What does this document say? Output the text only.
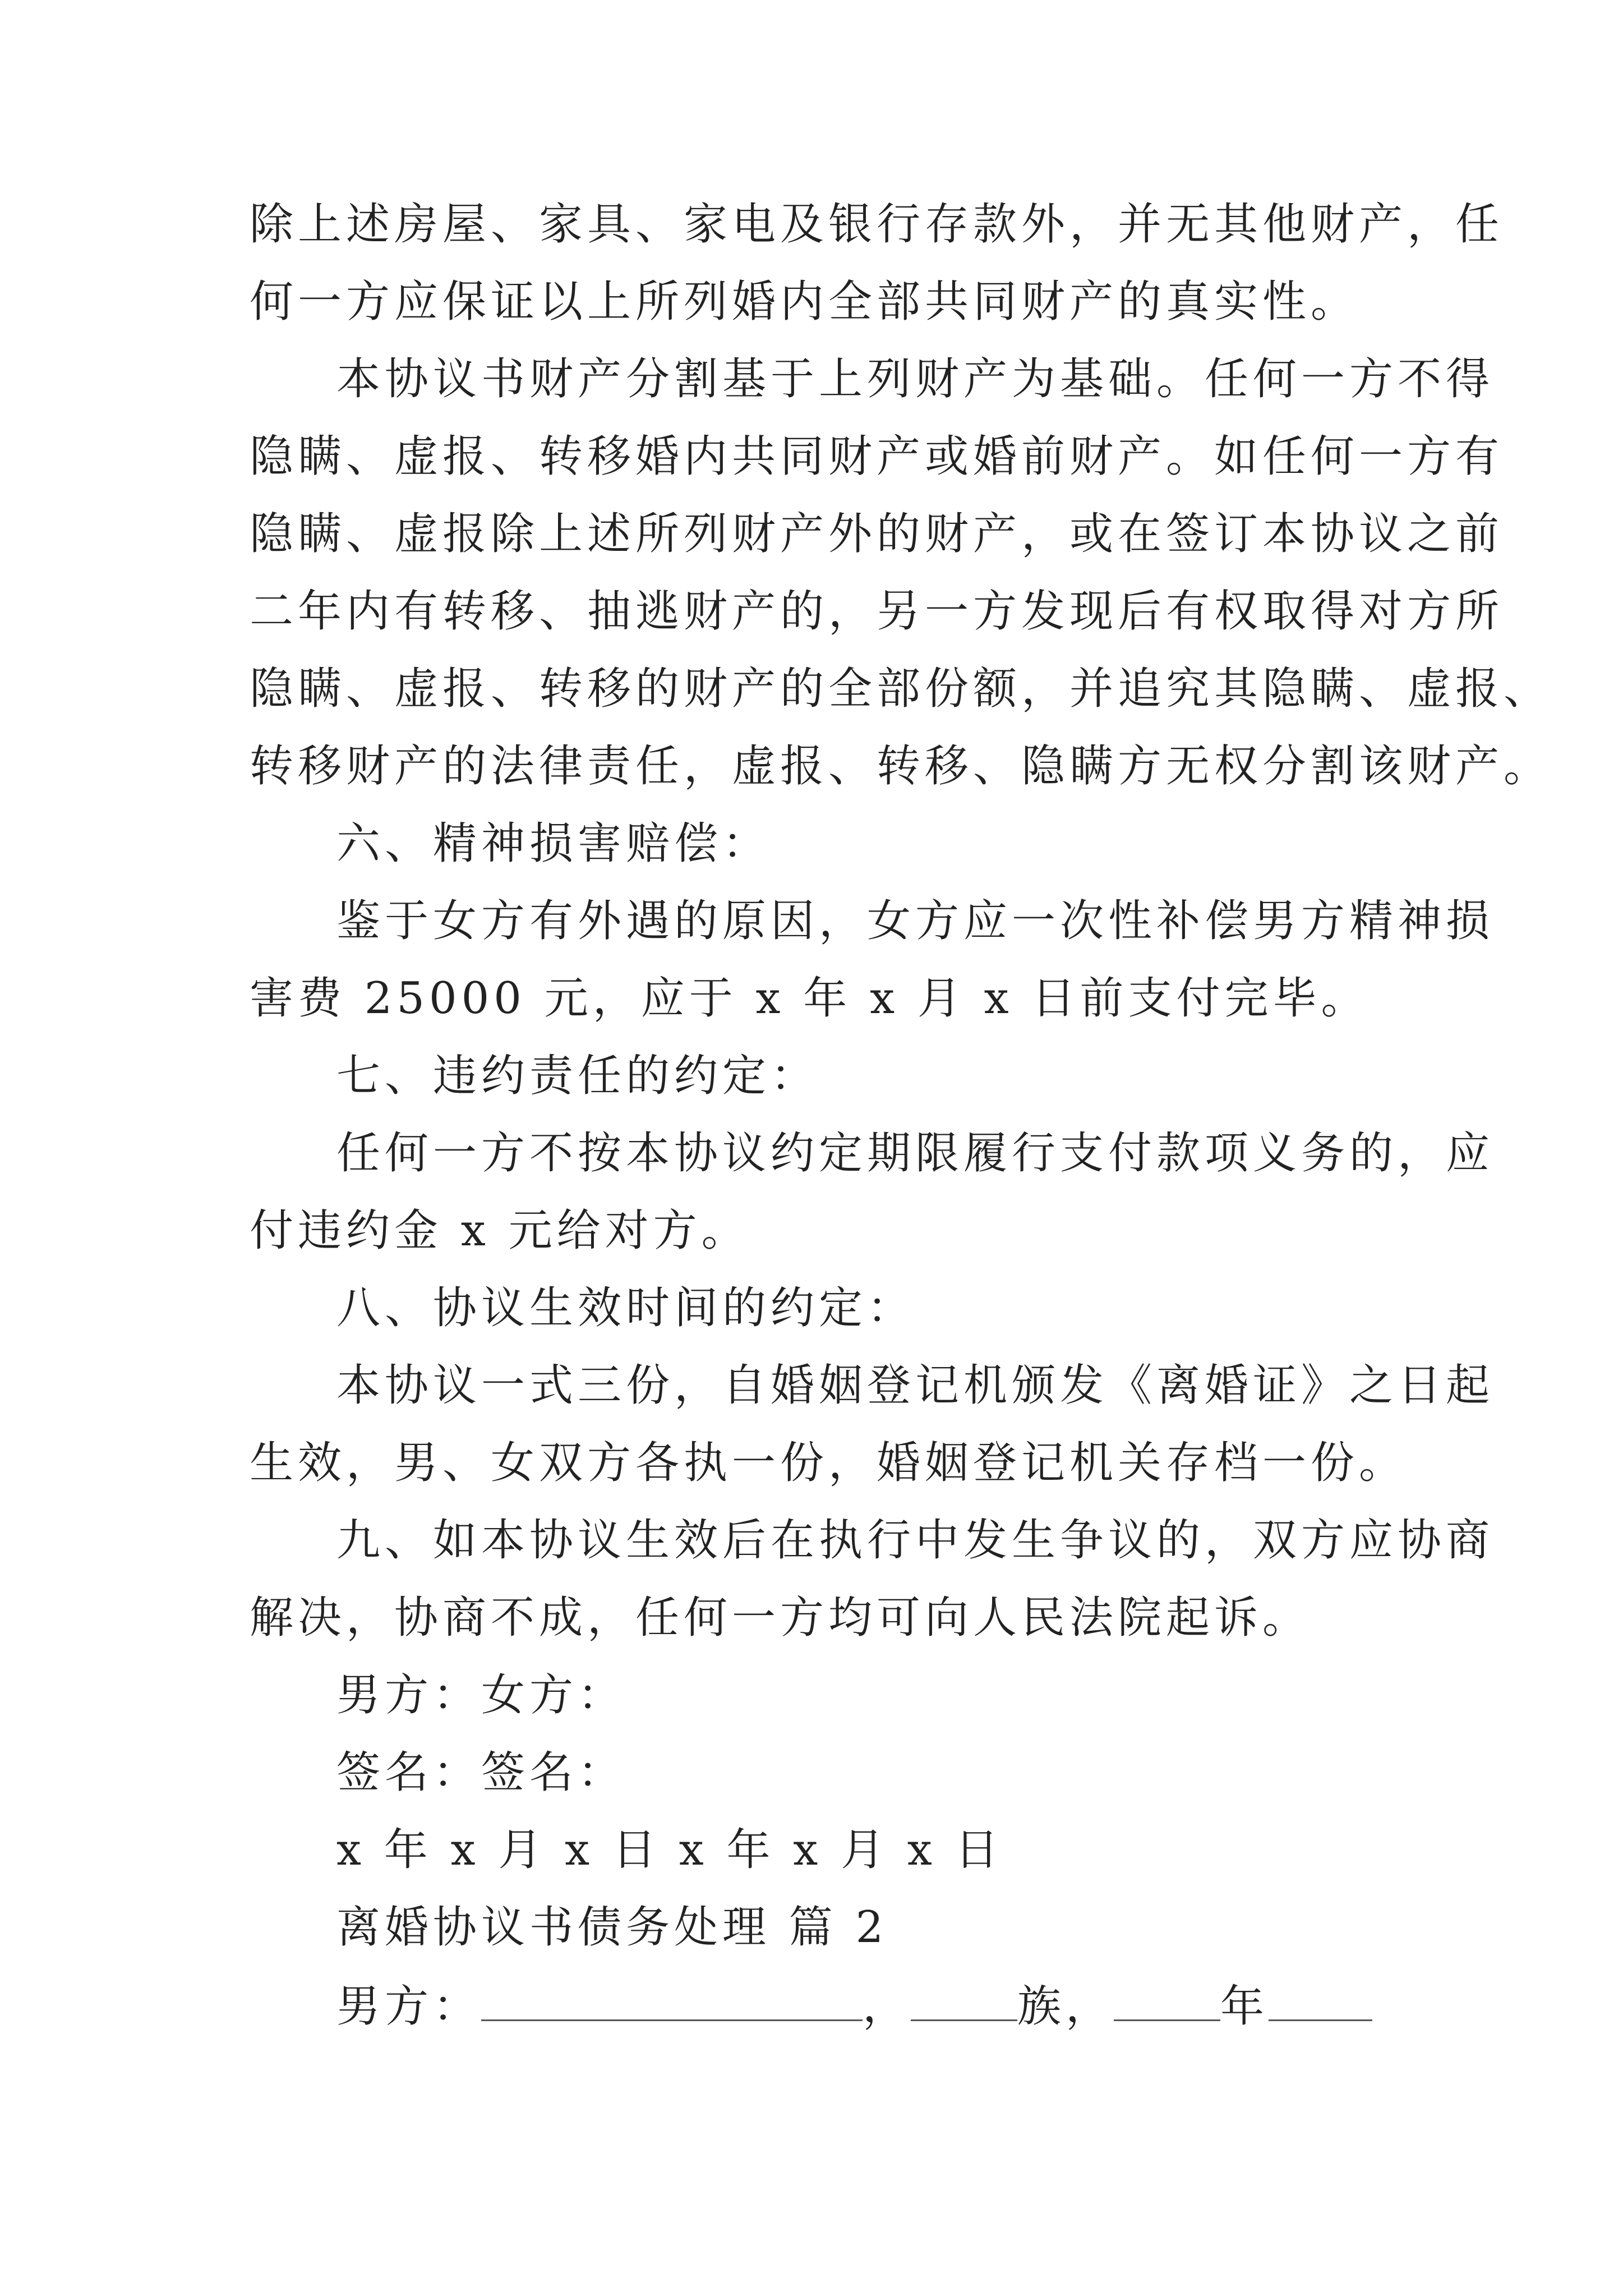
除上述房屋、家具、家电及银行存款外，并无其他财产，任

何一方应保证以上所列婚内全部共同财产的真实性。

本协议书财产分割基于上列财产为基础。任何一方不得

隐瞒、虚报、转移婚内共同财产或婚前财产。如任何一方有

隐瞒、虚报除上述所列财产外的财产，或在签订本协议之前

二年内有转移、抽逃财产的，另一方发现后有权取得对方所

隐瞒、虚报、转移的财产的全部份额，并追究其隐瞒、虚报、

转移财产的法律责任，虚报、转移、隐瞒方无权分割该财产。

六、精神损害赔偿：

鉴于女方有外遇的原因，女方应一次性补偿男方精神损

害费 25000 元，应于 x 年 x 月 x 日前支付完毕。

七、违约责任的约定：

任何一方不按本协议约定期限履行支付款项义务的，应

付违约金 x 元给对方。

八、协议生效时间的约定：

本协议一式三份，自婚姻登记机颁发《离婚证》之日起

生效，男、女双方各执一份，婚姻登记机关存档一份。

九、如本协议生效后在执行中发生争议的，双方应协商

解决，协商不成，任何一方均可向人民法院起诉。

男方：女方：

签名：签名：

x 年 x 月 x 日 x 年 x 月 x 日

离婚协议书债务处理 篇 2

男方：	， 族， 年
